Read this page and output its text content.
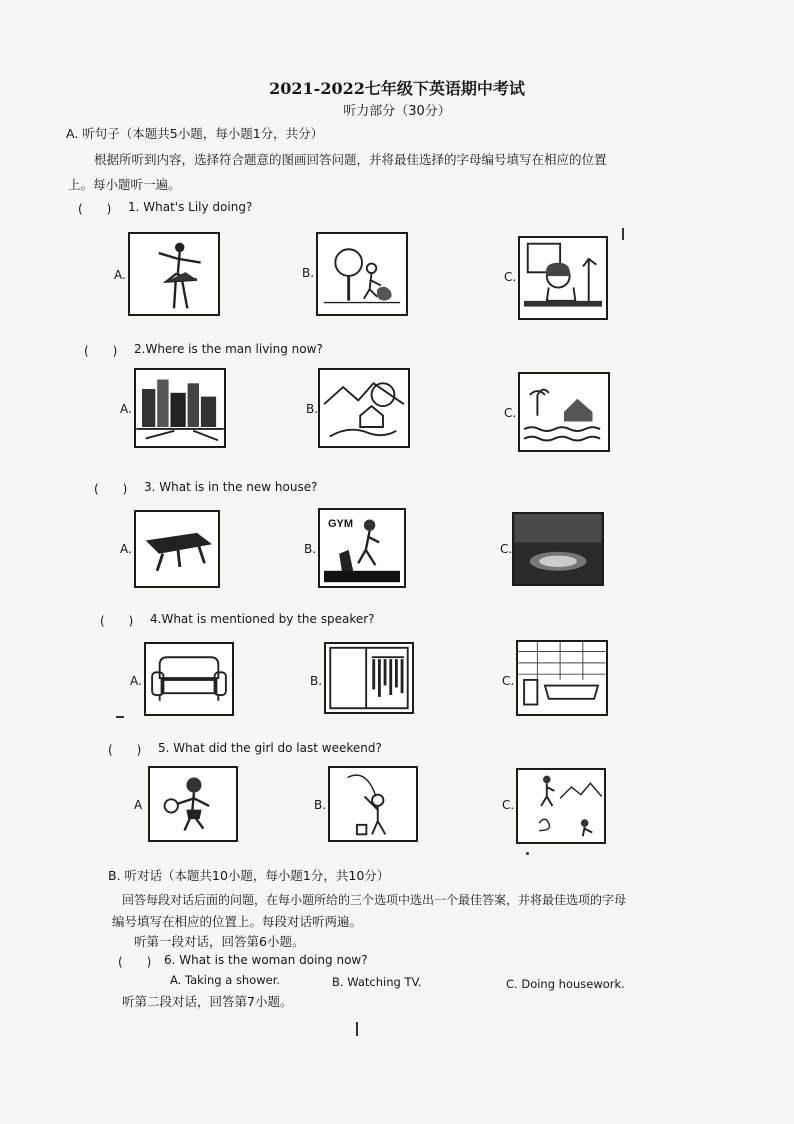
2021-2022七年级下英语期中考试
听力部分（30分）
A. 听句子（本题共5小题，每小题1分，共分）
根据所听到内容，选择符合题意的图画回答问题，并将最佳选择的字母编号填写在相应的位置
上。每小题听一遍。
(　　) 1. What's Lily doing?
A.	B.	C.
(　　) 2.Where is the man living now?
A.	B.	C.
(　　) 3. What is in the new house?
A.	B.
GYM
C.
(　　) 4.What is mentioned by the speaker?
A.	B.	C.
(　　) 5. What did the girl do last weekend?
A	B.	C.
B. 听对话（本题共10小题，每小题1分，共10分）
回答每段对话后面的问题，在每小题所给的三个选项中选出一个最佳答案，并将最佳选项的字母
编号填写在相应的位置上。每段对话听两遍。
听第一段对话，回答第6小题。
(　　) 6. What is the woman doing now?
A. Taking a shower.	B. Watching TV.	C. Doing housework.
听第二段对话，回答第7小题。
